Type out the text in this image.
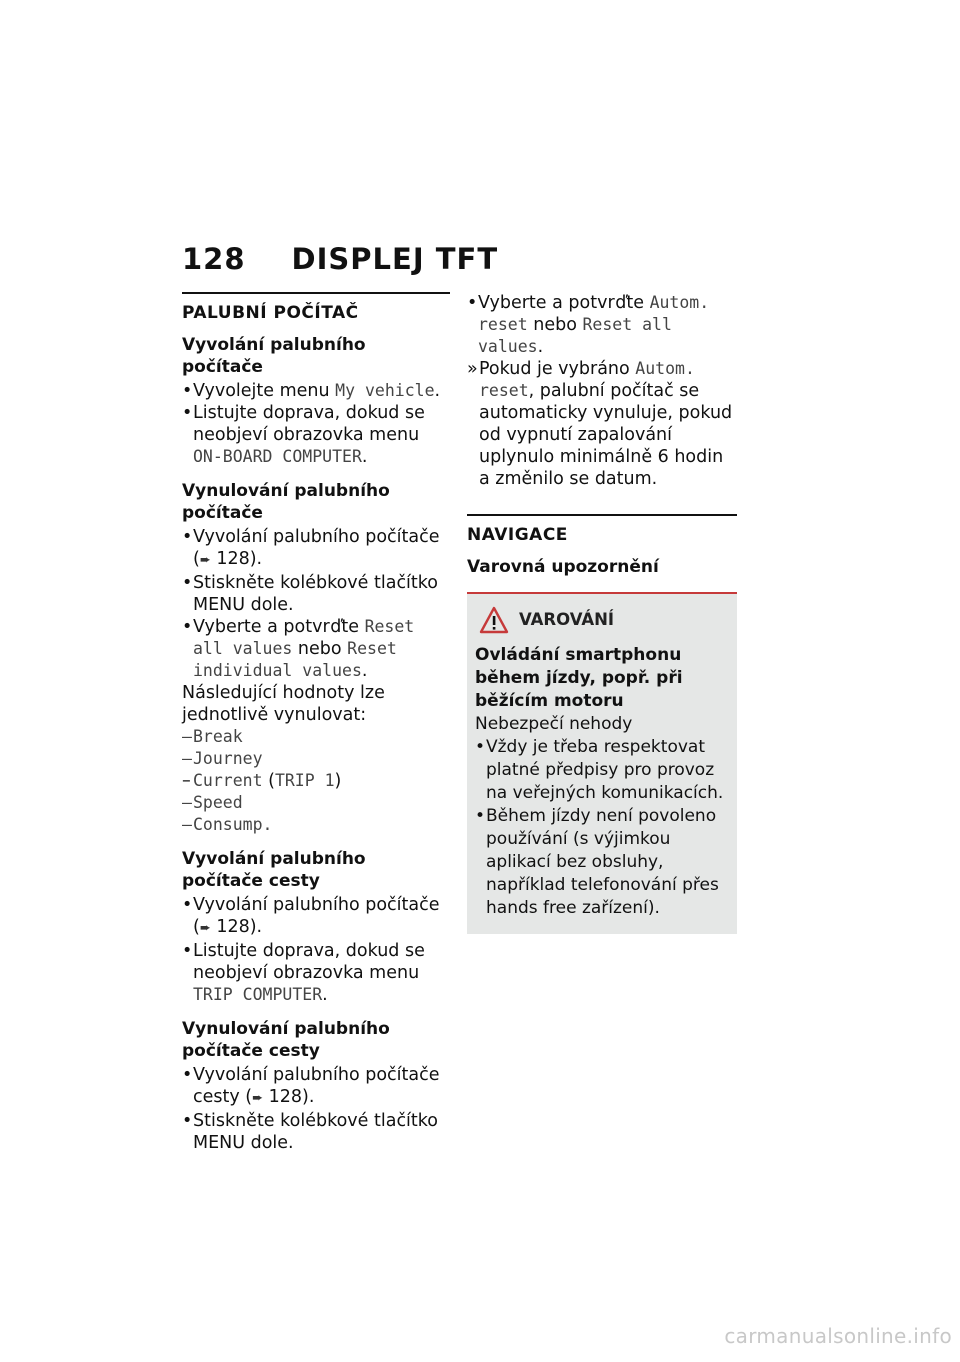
128 DISPLEJ TFT
PALUBNÍ POČÍTAČ
Vyvolání palubního počítače
• Vyvolejte menu My vehicle.
• Listujte doprava, dokud se neobjeví obrazovka menu ON-BOARD COMPUTER.
Vynulování palubního počítače
• Vyvolání palubního počítače (➨ 128).
• Stiskněte kolébkové tlačítko MENU dole.
• Vyberte a potvrďte Reset all values nebo Reset individual values.
Následující hodnoty lze jednotlivě vynulovat:
– Break
– Journey
– Current (TRIP 1)
– Speed
– Consump.
Vyvolání palubního počítače cesty
• Vyvolání palubního počítače (➨ 128).
• Listujte doprava, dokud se neobjeví obrazovka menu TRIP COMPUTER.
Vynulování palubního počítače cesty
• Vyvolání palubního počítače cesty (➨ 128).
• Stiskněte kolébkové tlačítko MENU dole.
• Vyberte a potvrďte Autom. reset nebo Reset all values.
» Pokud je vybráno Autom. reset, palubní počítač se automaticky vynuluje, pokud od vypnutí zapalování uplynulo minimálně 6 hodin a změnilo se datum.
NAVIGACE
Varovná upozornění
VAROVÁNÍ
Ovládání smartphonu během jízdy, popř. při běžícím motoru
Nebezpečí nehody
• Vždy je třeba respektovat platné předpisy pro provoz na veřejných komunikacích.
• Během jízdy není povoleno používání (s výjimkou aplikací bez obsluhy, například telefonování přes hands free zařízení).
carmanualsonline.info
